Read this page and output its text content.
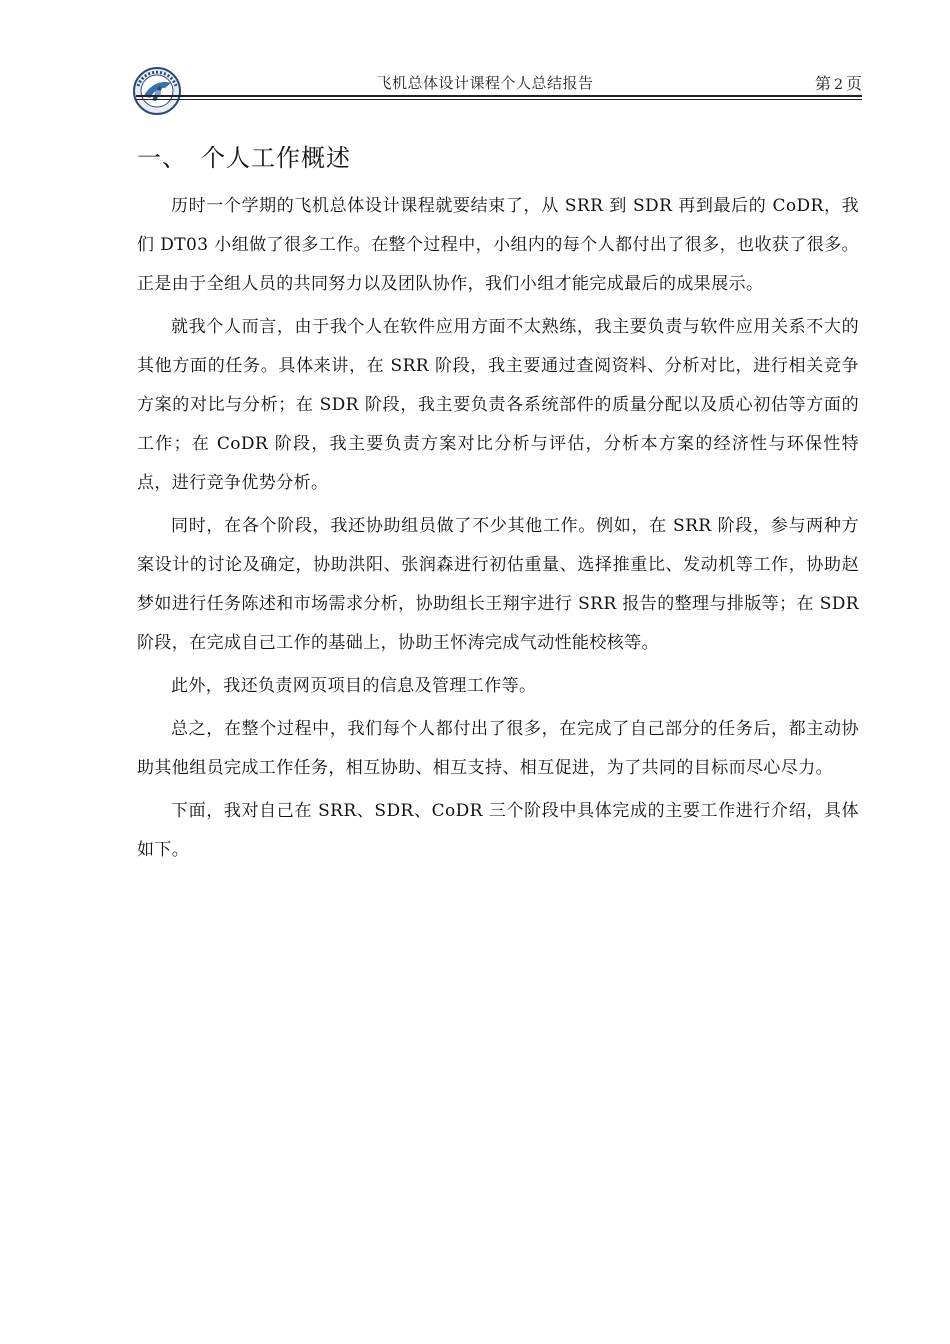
飞机总体设计课程个人总结报告	第 2 页
一、 个人工作概述

历时一个学期的飞机总体设计课程就要结束了，从 SRR 到 SDR 再到最后的 CoDR，我们 DT03 小组做了很多工作。在整个过程中，小组内的每个人都付出了很多，也收获了很多。正是由于全组人员的共同努力以及团队协作，我们小组才能完成最后的成果展示。

就我个人而言，由于我个人在软件应用方面不太熟练，我主要负责与软件应用关系不大的其他方面的任务。具体来讲，在 SRR 阶段，我主要通过查阅资料、分析对比，进行相关竞争方案的对比与分析；在 SDR 阶段，我主要负责各系统部件的质量分配以及质心初估等方面的工作；在 CoDR 阶段，我主要负责方案对比分析与评估，分析本方案的经济性与环保性特点，进行竞争优势分析。

同时，在各个阶段，我还协助组员做了不少其他工作。例如，在 SRR 阶段，参与两种方案设计的讨论及确定，协助洪阳、张润森进行初估重量、选择推重比、发动机等工作，协助赵梦如进行任务陈述和市场需求分析，协助组长王翔宇进行 SRR 报告的整理与排版等；在 SDR 阶段，在完成自己工作的基础上，协助王怀涛完成气动性能校核等。

此外，我还负责网页项目的信息及管理工作等。

总之，在整个过程中，我们每个人都付出了很多，在完成了自己部分的任务后，都主动协助其他组员完成工作任务，相互协助、相互支持、相互促进，为了共同的目标而尽心尽力。

下面，我对自己在 SRR、SDR、CoDR 三个阶段中具体完成的主要工作进行介绍，具体如下。
